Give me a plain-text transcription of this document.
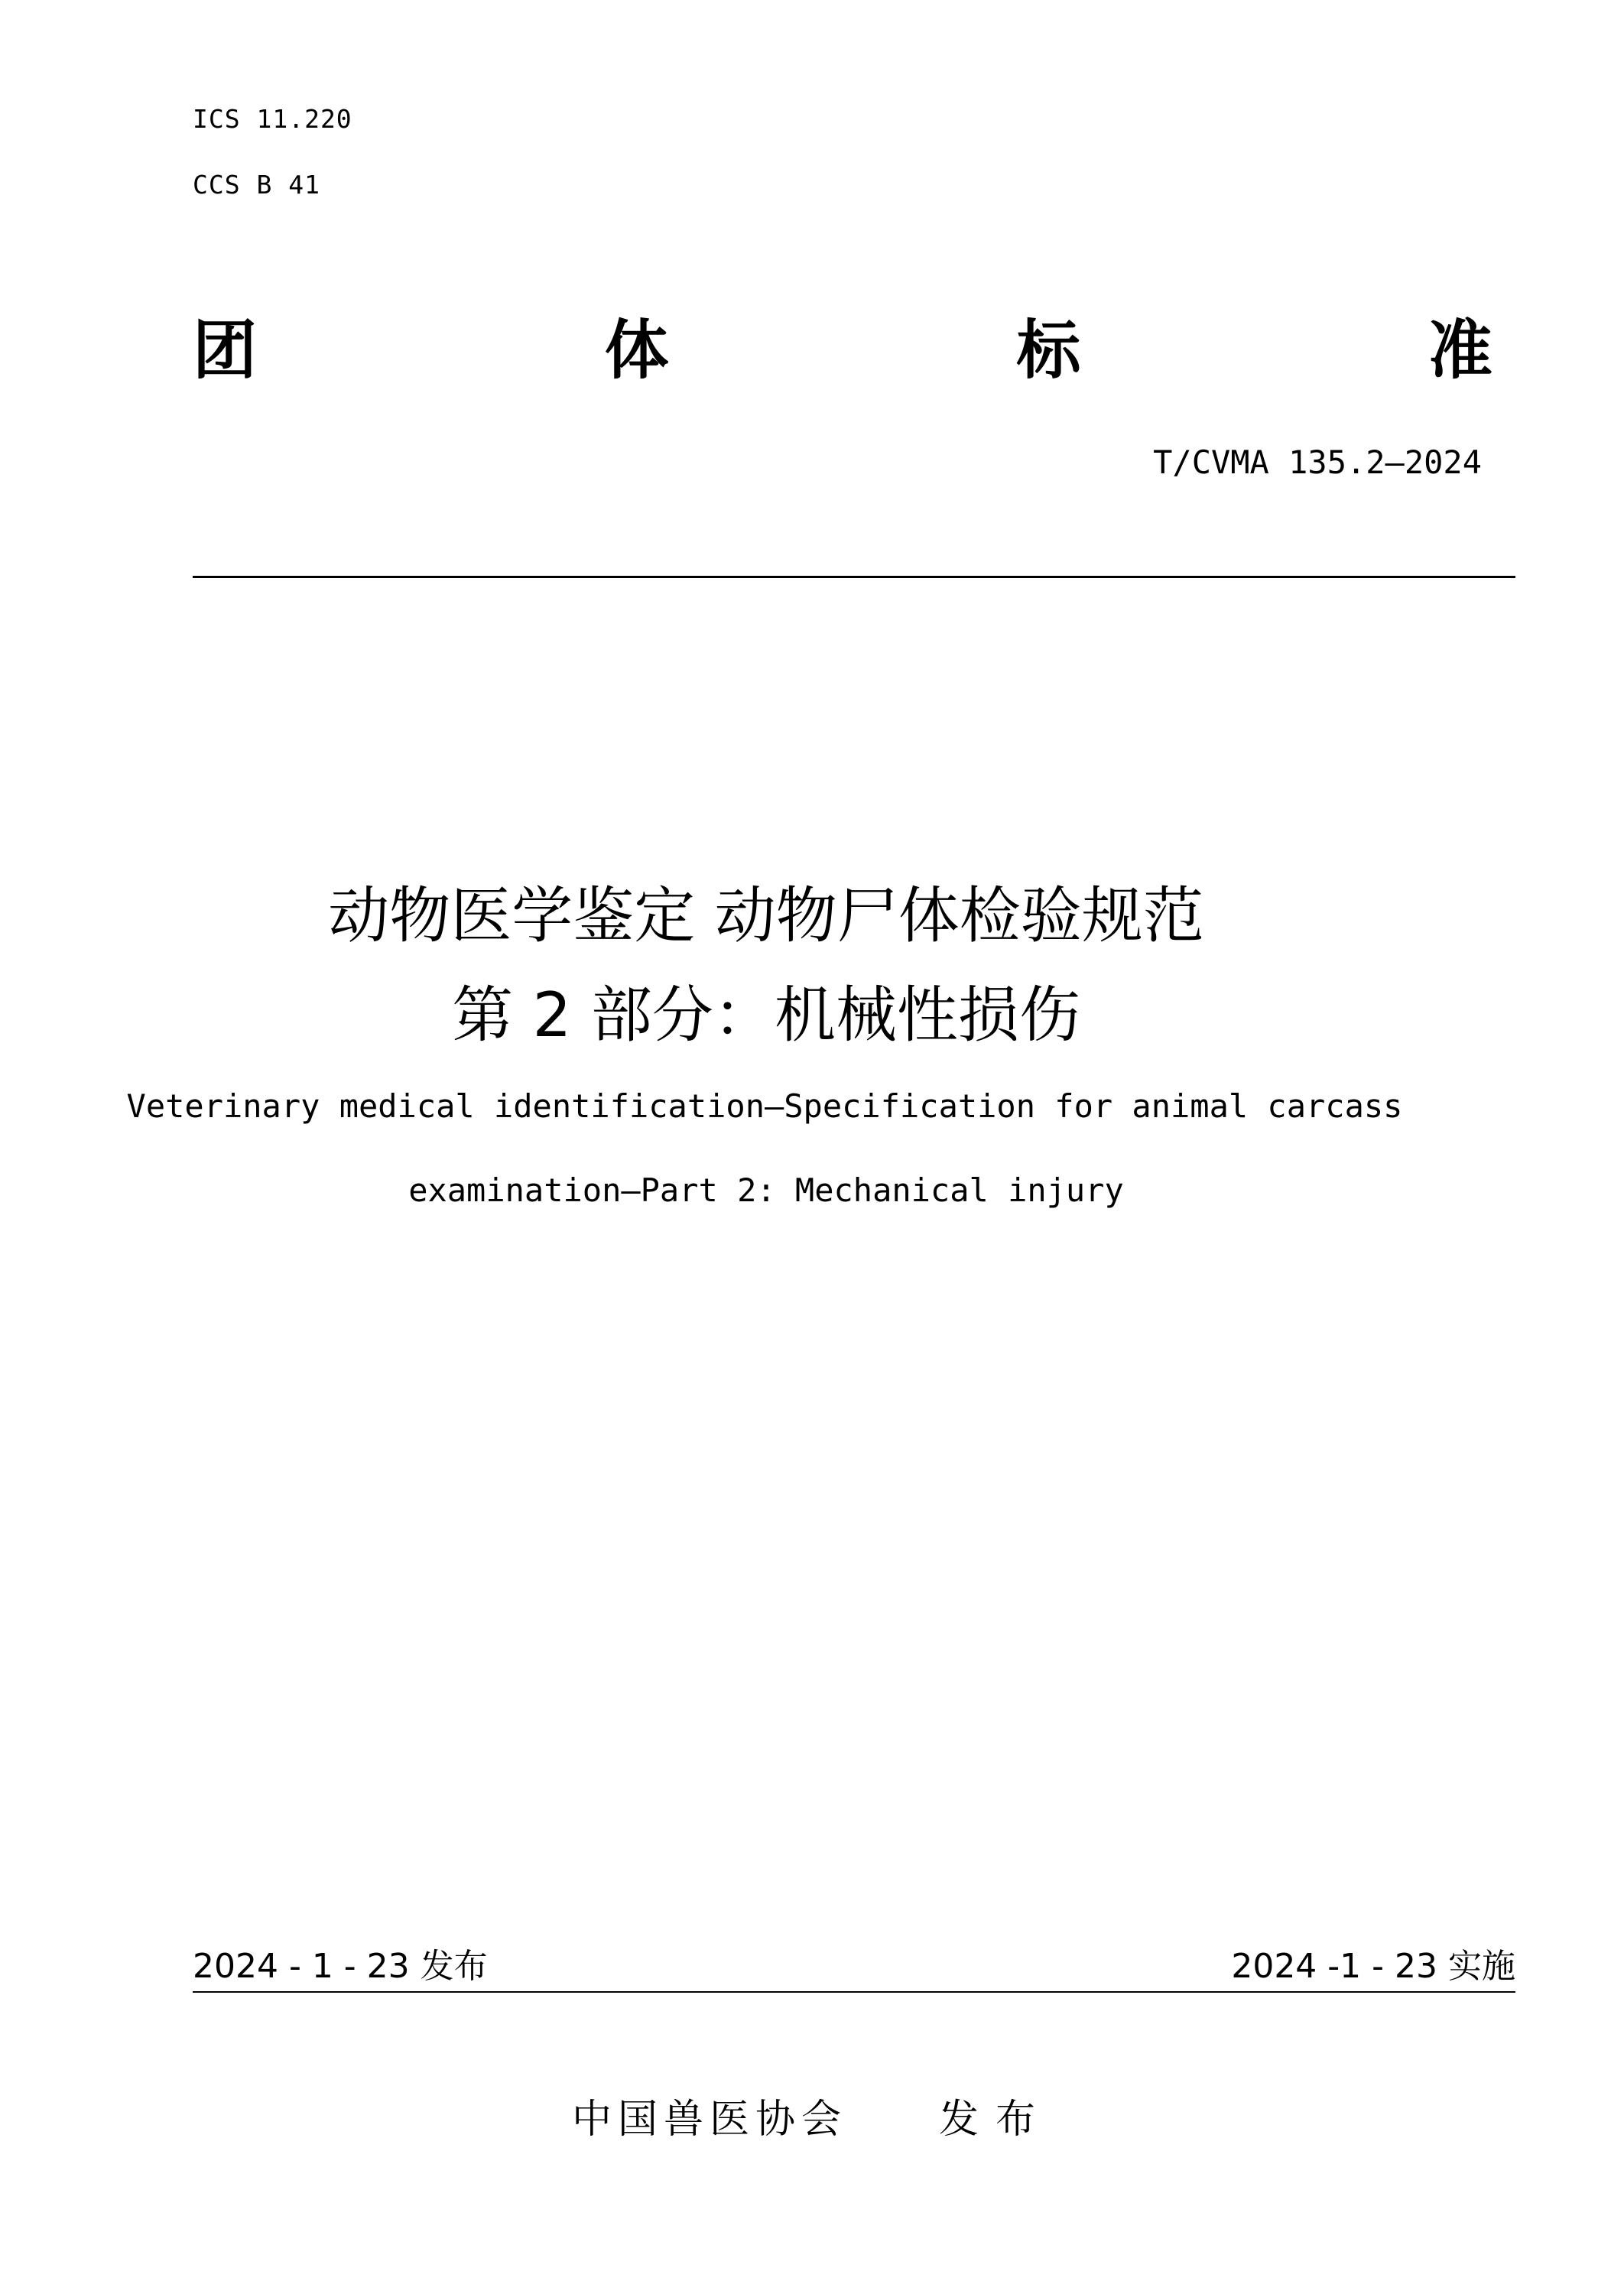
ICS 11.220
CCS B 41
团	体	标	准
T/CVMA 135.2—2024
动物医学鉴定 动物尸体检验规范
第 2 部分：机械性损伤
Veterinary medical identification—Specification for animal carcass
examination—Part 2: Mechanical injury
2024 - 1 - 23 发布	2024 -1 - 23 实施
中国兽医协会 发布
